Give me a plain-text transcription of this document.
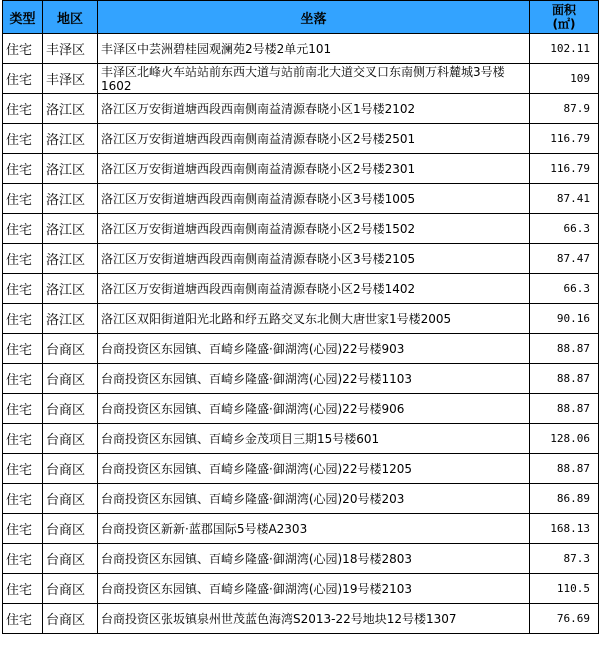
类型	地区	坐落	面积
(㎡)

住宅	丰泽区	丰泽区中芸洲碧桂园观澜苑2号楼2单元101	102.11
住宅	丰泽区	丰泽区北峰火车站站前东西大道与站前南北大道交叉口东南侧万科麓城3号楼1602	109
住宅	洛江区	洛江区万安街道塘西段西南侧南益清源春晓小区1号楼2102	87.9
住宅	洛江区	洛江区万安街道塘西段西南侧南益清源春晓小区2号楼2501	116.79
住宅	洛江区	洛江区万安街道塘西段西南侧南益清源春晓小区2号楼2301	116.79
住宅	洛江区	洛江区万安街道塘西段西南侧南益清源春晓小区3号楼1005	87.41
住宅	洛江区	洛江区万安街道塘西段西南侧南益清源春晓小区2号楼1502	66.3
住宅	洛江区	洛江区万安街道塘西段西南侧南益清源春晓小区3号楼2105	87.47
住宅	洛江区	洛江区万安街道塘西段西南侧南益清源春晓小区2号楼1402	66.3
住宅	洛江区	洛江区双阳街道阳光北路和纾五路交叉东北侧大唐世家1号楼2005	90.16
住宅	台商区	台商投资区东园镇、百崎乡隆盛·御湖湾(心园)22号楼903	88.87
住宅	台商区	台商投资区东园镇、百崎乡隆盛·御湖湾(心园)22号楼1103	88.87
住宅	台商区	台商投资区东园镇、百崎乡隆盛·御湖湾(心园)22号楼906	88.87
住宅	台商区	台商投资区东园镇、百崎乡金茂项目三期15号楼601	128.06
住宅	台商区	台商投资区东园镇、百崎乡隆盛·御湖湾(心园)22号楼1205	88.87
住宅	台商区	台商投资区东园镇、百崎乡隆盛·御湖湾(心园)20号楼203	86.89
住宅	台商区	台商投资区新新·蓝郡国际5号楼A2303	168.13
住宅	台商区	台商投资区东园镇、百崎乡隆盛·御湖湾(心园)18号楼2803	87.3
住宅	台商区	台商投资区东园镇、百崎乡隆盛·御湖湾(心园)19号楼2103	110.5
住宅	台商区	台商投资区张坂镇泉州世茂蓝色海湾S2013-22号地块12号楼1307	76.69
